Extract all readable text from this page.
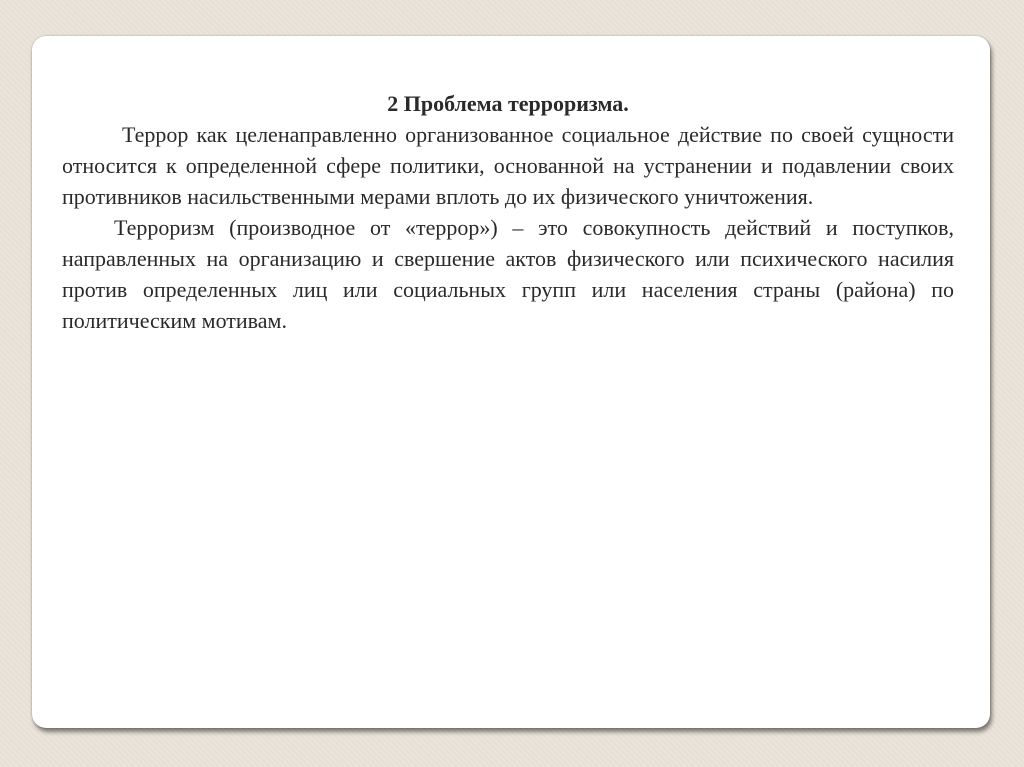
2 Проблема терроризма.

Террор как целенаправленно организованное социальное действие по своей сущности относится к определенной сфере политики, основанной на устранении и подавлении своих противников насильственными мерами вплоть до их физического уничтожения.

Терроризм (производное от «террор») – это совокупность действий и поступков, направленных на организацию и свершение актов физического или психического насилия против определенных лиц или социальных групп или населения страны (района) по политическим мотивам.
